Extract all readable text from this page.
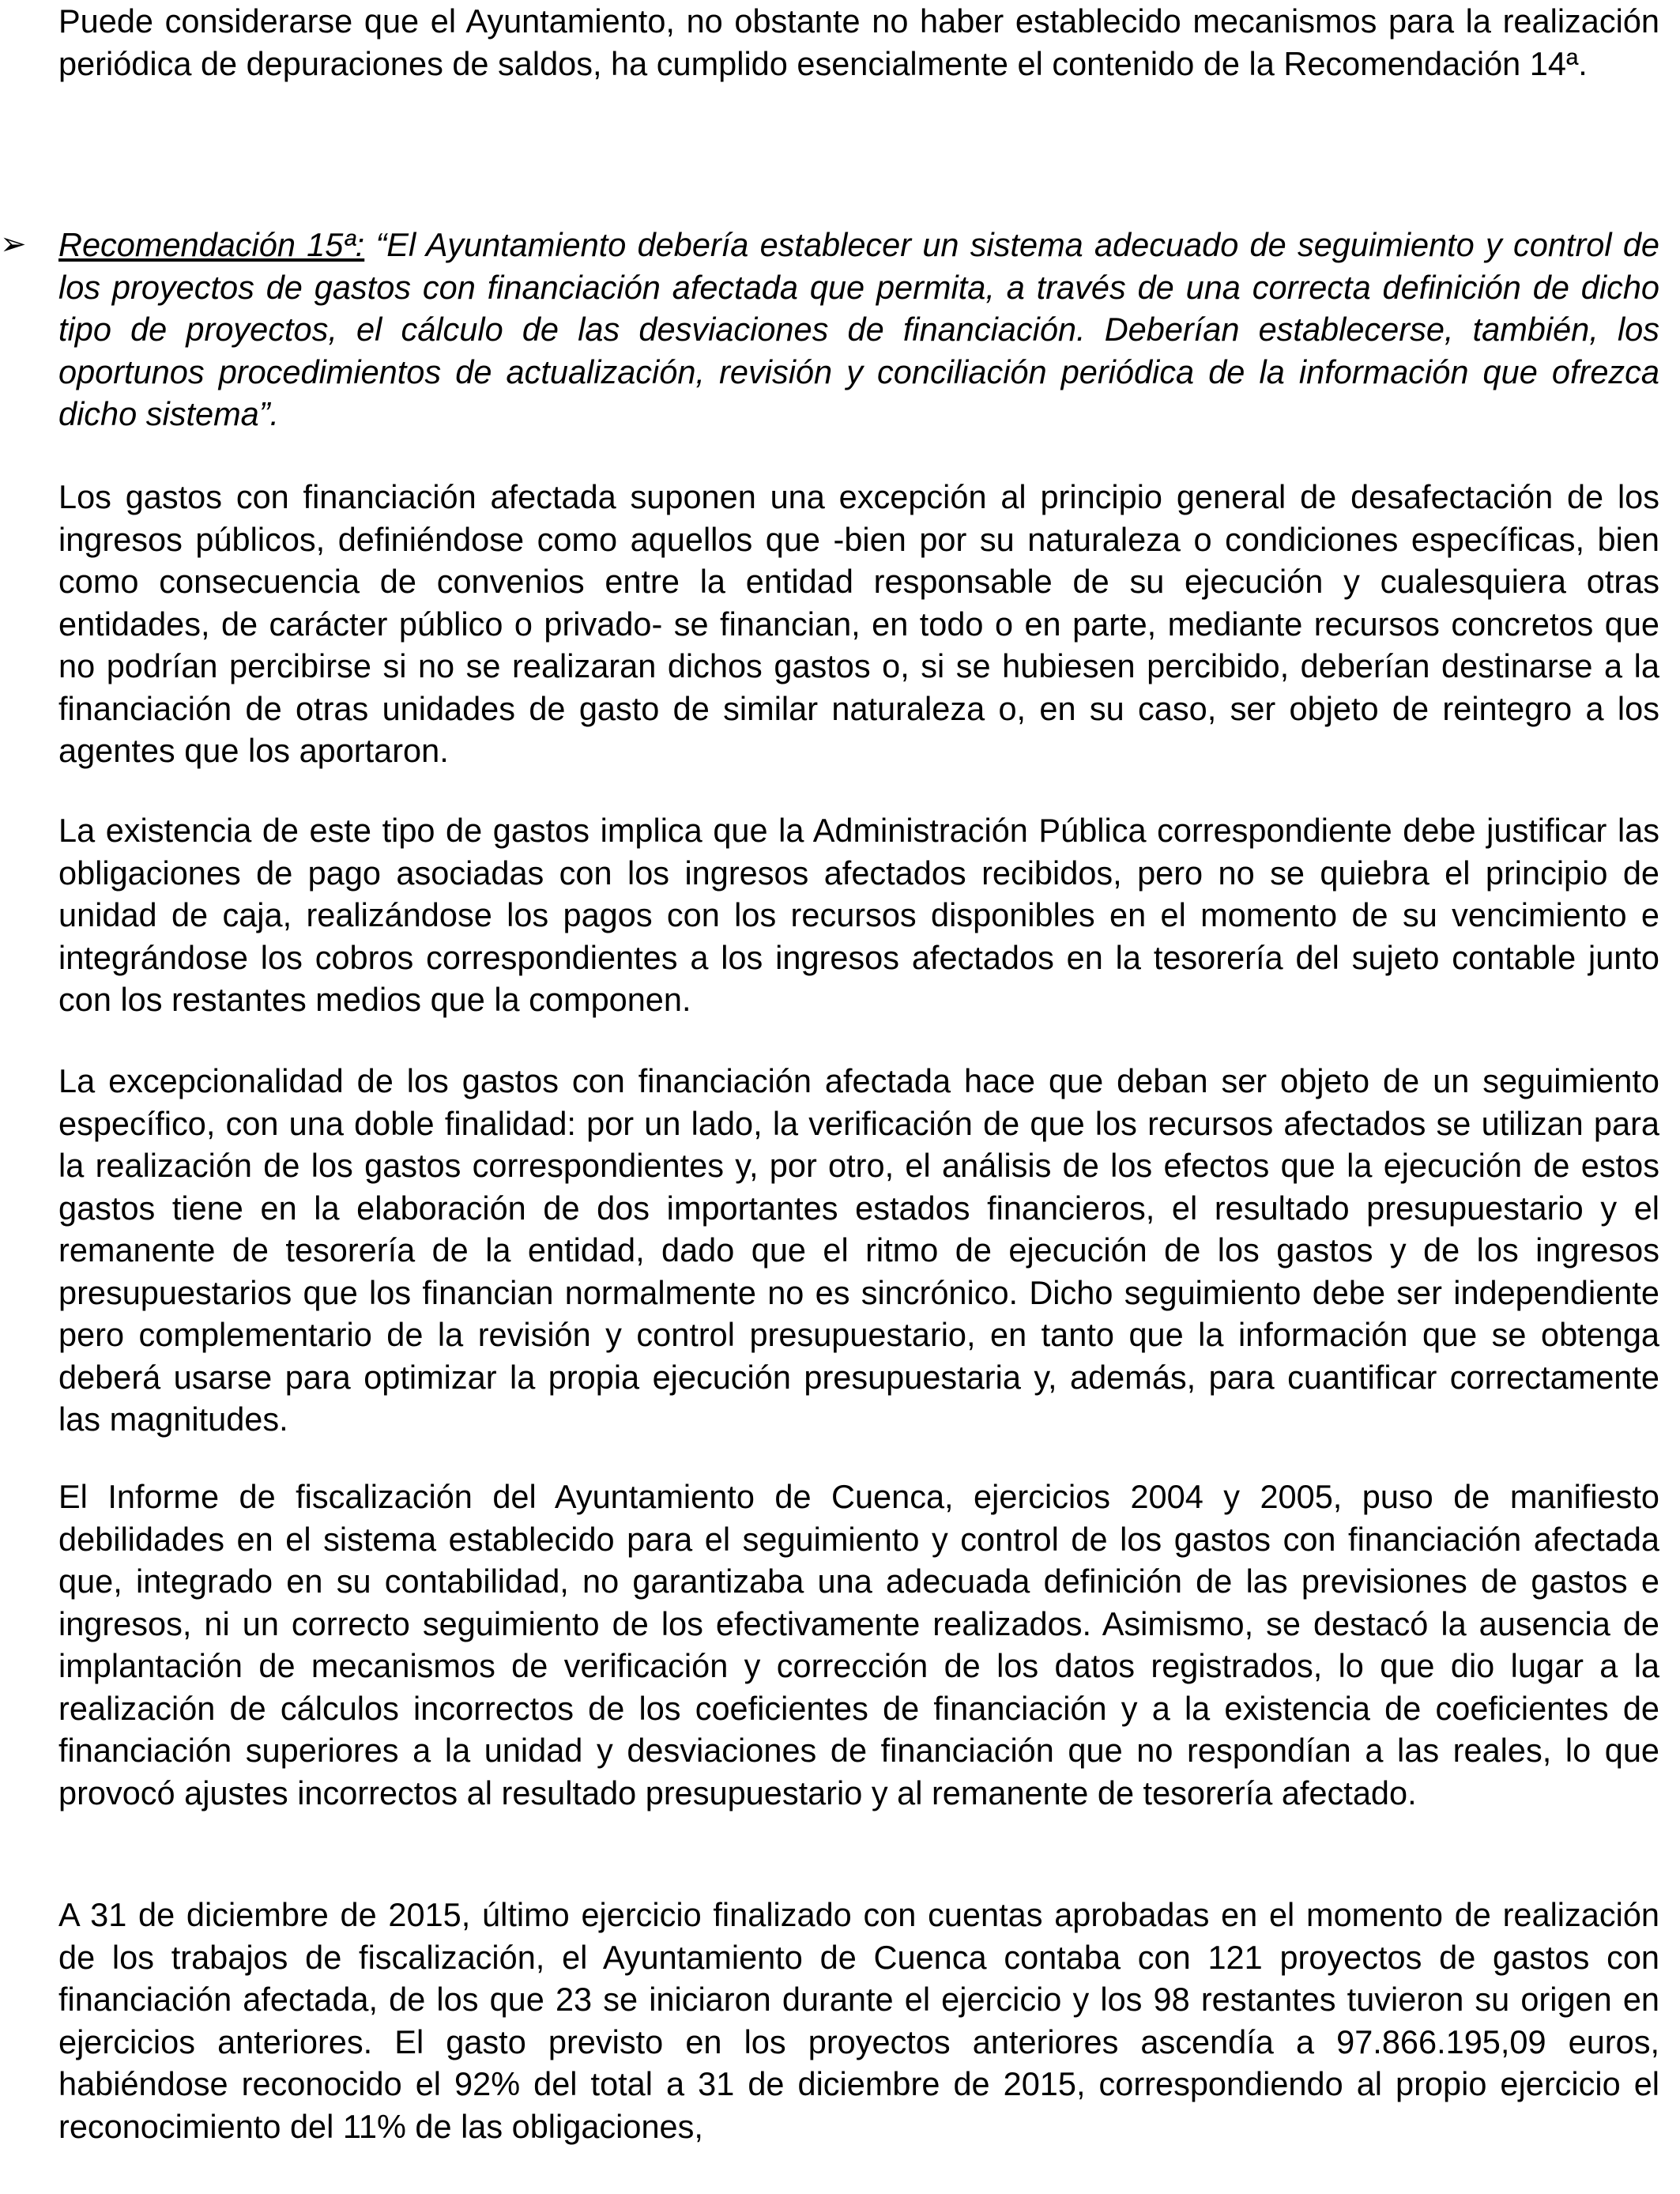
Puede considerarse que el Ayuntamiento, no obstante no haber establecido mecanismos para la realización periódica de depuraciones de saldos, ha cumplido esencialmente el contenido de la Recomendación 14ª.

➢ Recomendación 15ª: “El Ayuntamiento debería establecer un sistema adecuado de seguimiento y control de los proyectos de gastos con financiación afectada que permita, a través de una correcta definición de dicho tipo de proyectos, el cálculo de las desviaciones de financiación. Deberían establecerse, también, los oportunos procedimientos de actualización, revisión y conciliación periódica de la información que ofrezca dicho sistema”.

Los gastos con financiación afectada suponen una excepción al principio general de desafectación de los ingresos públicos, definiéndose como aquellos que -bien por su naturaleza o condiciones específicas, bien como consecuencia de convenios entre la entidad responsable de su ejecución y cualesquiera otras entidades, de carácter público o privado- se financian, en todo o en parte, mediante recursos concretos que no podrían percibirse si no se realizaran dichos gastos o, si se hubiesen percibido, deberían destinarse a la financiación de otras unidades de gasto de similar naturaleza o, en su caso, ser objeto de reintegro a los agentes que los aportaron.

La existencia de este tipo de gastos implica que la Administración Pública correspondiente debe justificar las obligaciones de pago asociadas con los ingresos afectados recibidos, pero no se quiebra el principio de unidad de caja, realizándose los pagos con los recursos disponibles en el momento de su vencimiento e integrándose los cobros correspondientes a los ingresos afectados en la tesorería del sujeto contable junto con los restantes medios que la componen.

La excepcionalidad de los gastos con financiación afectada hace que deban ser objeto de un seguimiento específico, con una doble finalidad: por un lado, la verificación de que los recursos afectados se utilizan para la realización de los gastos correspondientes y, por otro, el análisis de los efectos que la ejecución de estos gastos tiene en la elaboración de dos importantes estados financieros, el resultado presupuestario y el remanente de tesorería de la entidad, dado que el ritmo de ejecución de los gastos y de los ingresos presupuestarios que los financian normalmente no es sincrónico. Dicho seguimiento debe ser independiente pero complementario de la revisión y control presupuestario, en tanto que la información que se obtenga deberá usarse para optimizar la propia ejecución presupuestaria y, además, para cuantificar correctamente las magnitudes.

El Informe de fiscalización del Ayuntamiento de Cuenca, ejercicios 2004 y 2005, puso de manifiesto debilidades en el sistema establecido para el seguimiento y control de los gastos con financiación afectada que, integrado en su contabilidad, no garantizaba una adecuada definición de las previsiones de gastos e ingresos, ni un correcto seguimiento de los efectivamente realizados. Asimismo, se destacó la ausencia de implantación de mecanismos de verificación y corrección de los datos registrados, lo que dio lugar a la realización de cálculos incorrectos de los coeficientes de financiación y a la existencia de coeficientes de financiación superiores a la unidad y desviaciones de financiación que no respondían a las reales, lo que provocó ajustes incorrectos al resultado presupuestario y al remanente de tesorería afectado.

A 31 de diciembre de 2015, último ejercicio finalizado con cuentas aprobadas en el momento de realización de los trabajos de fiscalización, el Ayuntamiento de Cuenca contaba con 121 proyectos de gastos con financiación afectada, de los que 23 se iniciaron durante el ejercicio y los 98 restantes tuvieron su origen en ejercicios anteriores. El gasto previsto en los proyectos anteriores ascendía a 97.866.195,09 euros, habiéndose reconocido el 92% del total a 31 de diciembre de 2015, correspondiendo al propio ejercicio el reconocimiento del 11% de las obligaciones,
